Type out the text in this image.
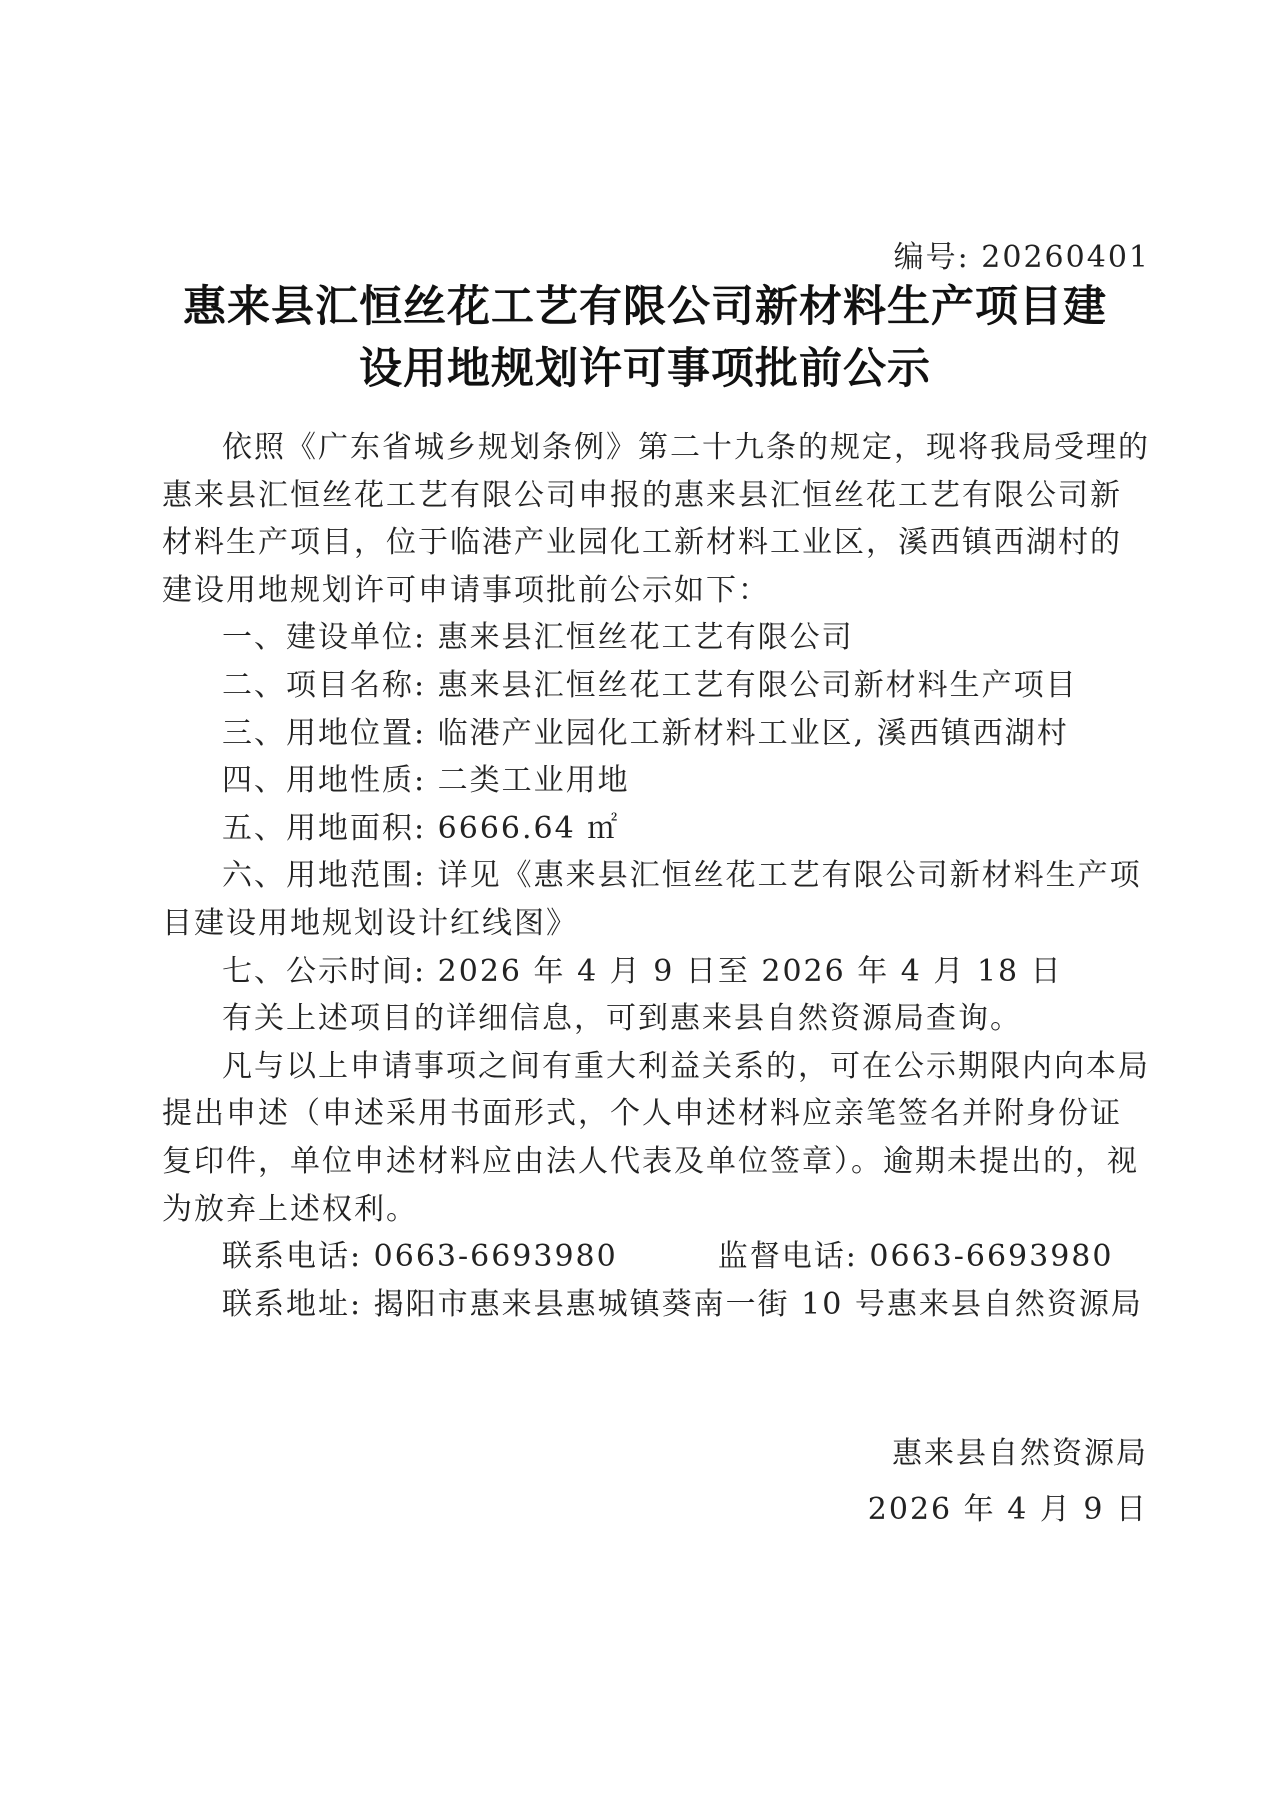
编号: 20260401
惠来县汇恒丝花工艺有限公司新材料生产项目建
设用地规划许可事项批前公示

依照《广东省城乡规划条例》第二十九条的规定，现将我局受理的惠来县汇恒丝花工艺有限公司申报的惠来县汇恒丝花工艺有限公司新材料生产项目，位于临港产业园化工新材料工业区，溪西镇西湖村的建设用地规划许可申请事项批前公示如下：

一、建设单位: 惠来县汇恒丝花工艺有限公司

二、项目名称: 惠来县汇恒丝花工艺有限公司新材料生产项目

三、用地位置: 临港产业园化工新材料工业区, 溪西镇西湖村

四、用地性质: 二类工业用地

五、用地面积: 6666.64 ㎡

六、用地范围: 详见《惠来县汇恒丝花工艺有限公司新材料生产项目建设用地规划设计红线图》

七、公示时间: 2026 年 4 月 9 日至 2026 年 4 月 18 日

有关上述项目的详细信息，可到惠来县自然资源局查询。

凡与以上申请事项之间有重大利益关系的，可在公示期限内向本局提出申述（申述采用书面形式，个人申述材料应亲笔签名并附身份证复印件，单位申述材料应由法人代表及单位签章）。逾期未提出的，视为放弃上述权利。

联系电话: 0663-6693980	监督电话: 0663-6693980

联系地址: 揭阳市惠来县惠城镇葵南一街 10 号惠来县自然资源局

惠来县自然资源局
2026 年 4 月 9 日
